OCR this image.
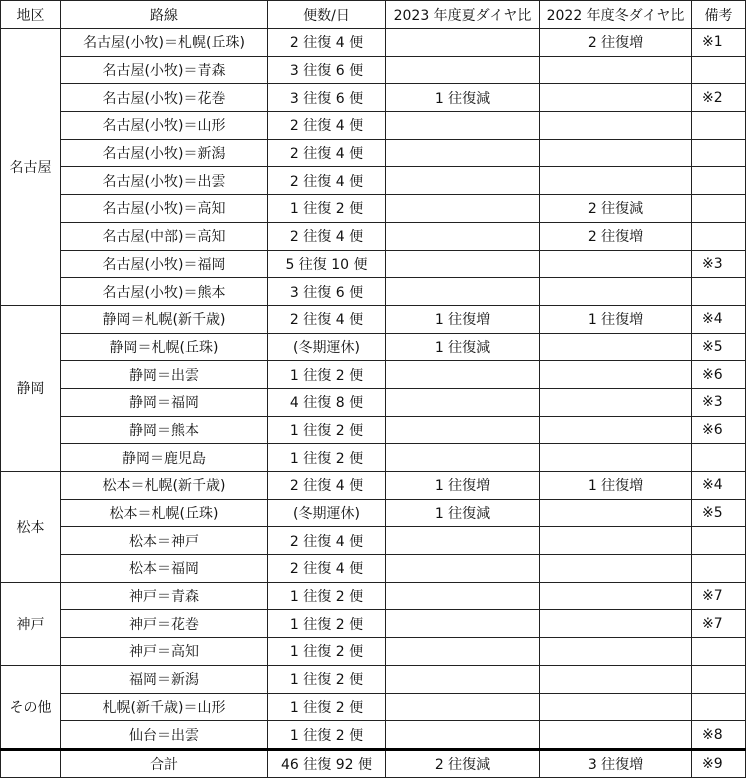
地区	路線	便数/日	2023 年度夏ダイヤ比	2022 年度冬ダイヤ比	備考
名古屋	名古屋(小牧)＝札幌(丘珠)	2 往復 4 便		2 往復増	※1
	名古屋(小牧)＝青森	3 往復 6 便			
	名古屋(小牧)＝花巻	3 往復 6 便	1 往復減		※2
	名古屋(小牧)＝山形	2 往復 4 便			
	名古屋(小牧)＝新潟	2 往復 4 便			
	名古屋(小牧)＝出雲	2 往復 4 便			
	名古屋(小牧)＝高知	1 往復 2 便		2 往復減	
	名古屋(中部)＝高知	2 往復 4 便		2 往復増	
	名古屋(小牧)＝福岡	5 往復 10 便			※3
	名古屋(小牧)＝熊本	3 往復 6 便			
静岡	静岡＝札幌(新千歳)	2 往復 4 便	1 往復増	1 往復増	※4
	静岡＝札幌(丘珠)	(冬期運休)	1 往復減		※5
	静岡＝出雲	1 往復 2 便			※6
	静岡＝福岡	4 往復 8 便			※3
	静岡＝熊本	1 往復 2 便			※6
	静岡＝鹿児島	1 往復 2 便			
松本	松本＝札幌(新千歳)	2 往復 4 便	1 往復増	1 往復増	※4
	松本＝札幌(丘珠)	(冬期運休)	1 往復減		※5
	松本＝神戸	2 往復 4 便			
	松本＝福岡	2 往復 4 便			
神戸	神戸＝青森	1 往復 2 便			※7
	神戸＝花巻	1 往復 2 便			※7
	神戸＝高知	1 往復 2 便			
その他	福岡＝新潟	1 往復 2 便			
	札幌(新千歳)＝山形	1 往復 2 便			
	仙台＝出雲	1 往復 2 便			※8
	合計	46 往復 92 便	2 往復減	3 往復増	※9
